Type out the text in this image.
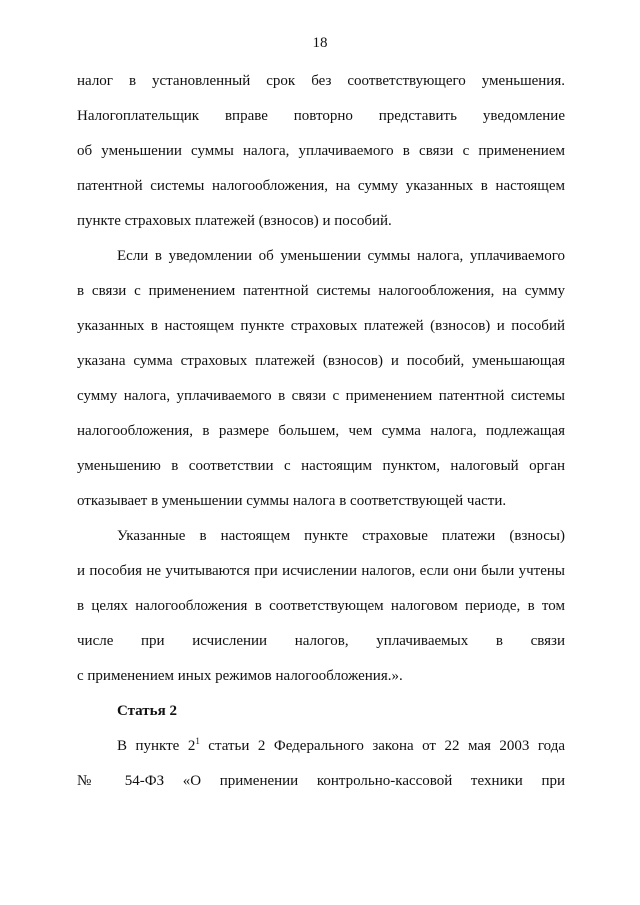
18
налог в установленный срок без соответствующего уменьшения.
Налогоплательщик вправе повторно представить уведомление
об уменьшении суммы налога, уплачиваемого в связи с применением
патентной системы налогообложения, на сумму указанных в настоящем
пункте страховых платежей (взносов) и пособий.
Если в уведомлении об уменьшении суммы налога, уплачиваемого
в связи с применением патентной системы налогообложения, на сумму
указанных в настоящем пункте страховых платежей (взносов) и пособий
указана сумма страховых платежей (взносов) и пособий, уменьшающая
сумму налога, уплачиваемого в связи с применением патентной системы
налогообложения, в размере большем, чем сумма налога, подлежащая
уменьшению в соответствии с настоящим пунктом, налоговый орган
отказывает в уменьшении суммы налога в соответствующей части.
Указанные в настоящем пункте страховые платежи (взносы)
и пособия не учитываются при исчислении налогов, если они были учтены
в целях налогообложения в соответствующем налоговом периоде, в том
числе при исчислении налогов, уплачиваемых в связи
с применением иных режимов налогообложения.».
Статья 2
В пункте $2^1$ статьи 2 Федерального закона от 22 мая 2003 года
№ 54-ФЗ «О применении контрольно-кассовой техники при
